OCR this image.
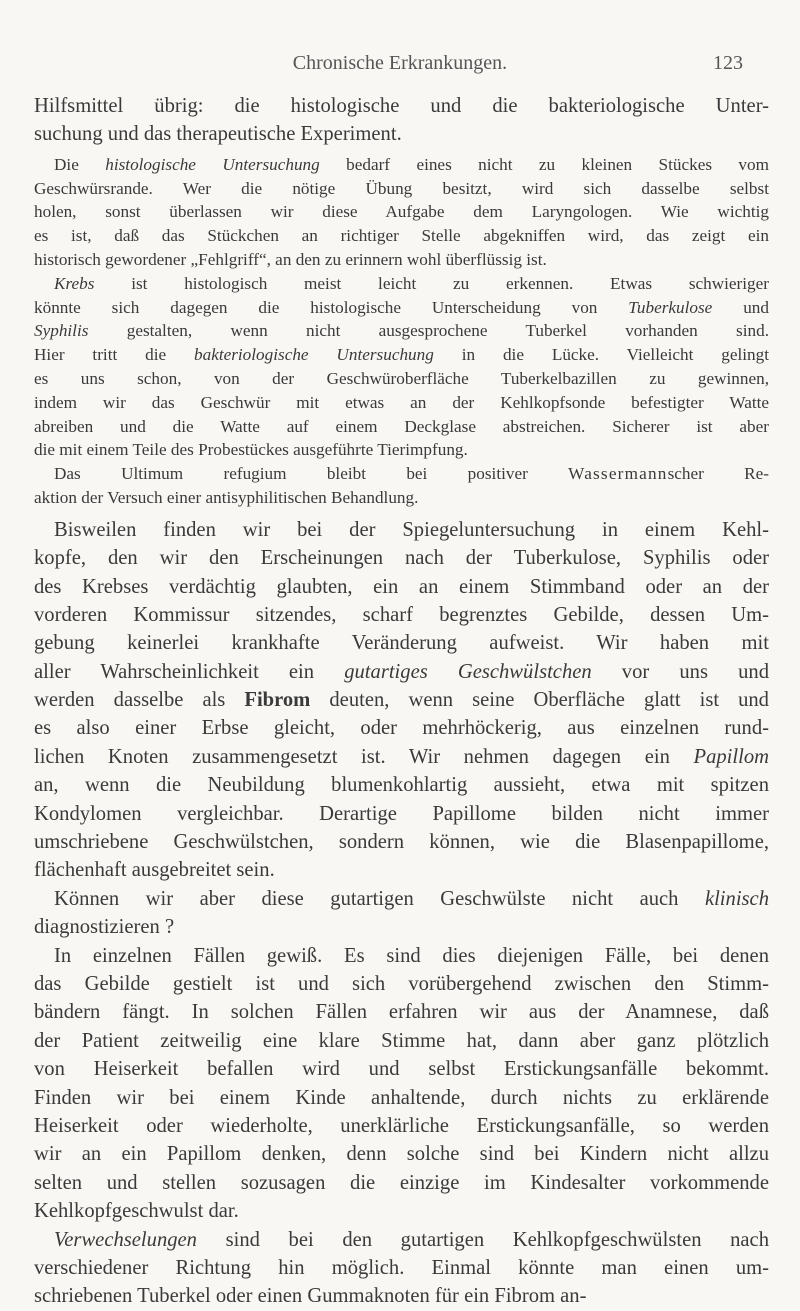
Chronische Erkrankungen.	123
Hilfsmittel übrig: die histologische und die bakteriologische Unter-
suchung und das therapeutische Experiment.
Die histologische Untersuchung bedarf eines nicht zu kleinen Stückes vom
Geschwürsrande. Wer die nötige Übung besitzt, wird sich dasselbe selbst
holen, sonst überlassen wir diese Aufgabe dem Laryngologen. Wie wichtig
es ist, daß das Stückchen an richtiger Stelle abgekniffen wird, das zeigt ein
historisch gewordener „Fehlgriff“, an den zu erinnern wohl überflüssig ist.
Krebs ist histologisch meist leicht zu erkennen. Etwas schwieriger
könnte sich dagegen die histologische Unterscheidung von Tuberkulose und
Syphilis gestalten, wenn nicht ausgesprochene Tuberkel vorhanden sind.
Hier tritt die bakteriologische Untersuchung in die Lücke. Vielleicht gelingt
es uns schon, von der Geschwüroberfläche Tuberkelbazillen zu gewinnen,
indem wir das Geschwür mit etwas an der Kehlkopfsonde befestigter Watte
abreiben und die Watte auf einem Deckglase abstreichen. Sicherer ist aber
die mit einem Teile des Probestückes ausgeführte Tierimpfung.
Das Ultimum refugium bleibt bei positiver Wassermannscher Re-
aktion der Versuch einer antisyphilitischen Behandlung.
Bisweilen finden wir bei der Spiegeluntersuchung in einem Kehl-
kopfe, den wir den Erscheinungen nach der Tuberkulose, Syphilis oder
des Krebses verdächtig glaubten, ein an einem Stimmband oder an der
vorderen Kommissur sitzendes, scharf begrenztes Gebilde, dessen Um-
gebung keinerlei krankhafte Veränderung aufweist. Wir haben mit
aller Wahrscheinlichkeit ein gutartiges Geschwülstchen vor uns und
werden dasselbe als Fibrom deuten, wenn seine Oberfläche glatt ist und
es also einer Erbse gleicht, oder mehrhöckerig, aus einzelnen rund-
lichen Knoten zusammengesetzt ist. Wir nehmen dagegen ein Papillom
an, wenn die Neubildung blumenkohlartig aussieht, etwa mit spitzen
Kondylomen vergleichbar. Derartige Papillome bilden nicht immer
umschriebene Geschwülstchen, sondern können, wie die Blasenpapillome,
flächenhaft ausgebreitet sein.
Können wir aber diese gutartigen Geschwülste nicht auch klinisch
diagnostizieren ?
In einzelnen Fällen gewiß. Es sind dies diejenigen Fälle, bei denen
das Gebilde gestielt ist und sich vorübergehend zwischen den Stimm-
bändern fängt. In solchen Fällen erfahren wir aus der Anamnese, daß
der Patient zeitweilig eine klare Stimme hat, dann aber ganz plötzlich
von Heiserkeit befallen wird und selbst Erstickungsanfälle bekommt.
Finden wir bei einem Kinde anhaltende, durch nichts zu erklärende
Heiserkeit oder wiederholte, unerklärliche Erstickungsanfälle, so werden
wir an ein Papillom denken, denn solche sind bei Kindern nicht allzu
selten und stellen sozusagen die einzige im Kindesalter vorkommende
Kehlkopfgeschwulst dar.
Verwechselungen sind bei den gutartigen Kehlkopfgeschwülsten nach
verschiedener Richtung hin möglich. Einmal könnte man einen um-
schriebenen Tuberkel oder einen Gummaknoten für ein Fibrom an-
